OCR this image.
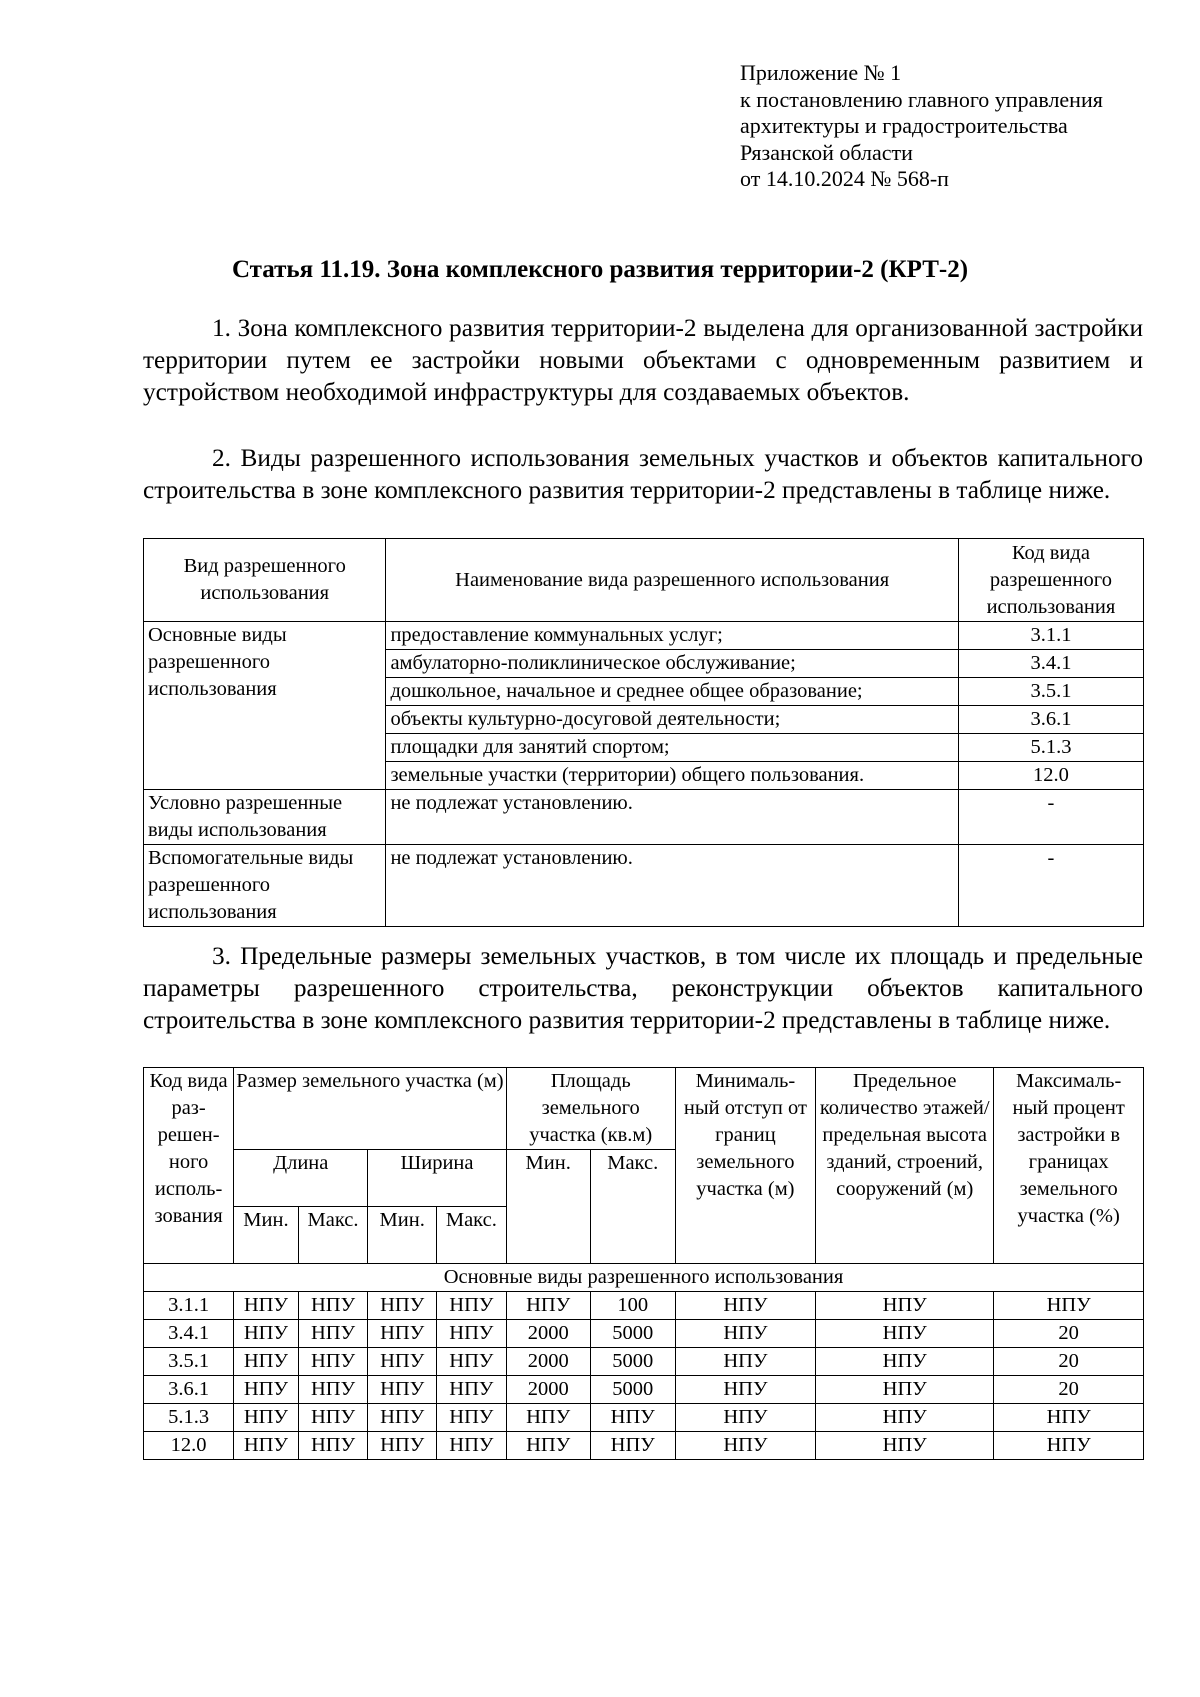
Приложение № 1
к постановлению главного управления
архитектуры и градостроительства
Рязанской области
от 14.10.2024 № 568-п
Статья 11.19. Зона комплексного развития территории-2 (КРТ-2)
1. Зона комплексного развития территории-2 выделена для организованной застройки территории путем ее застройки новыми объектами с одновременным развитием и устройством необходимой инфраструктуры для создаваемых объектов.
2. Виды разрешенного использования земельных участков и объектов капитального строительства в зоне комплексного развития территории-2 представлены в таблице ниже.
Вид разрешенного использования	Наименование вида разрешенного использования	Код вида разрешенного использования
Основные виды разрешенного использования	предоставление коммунальных услуг;	3.1.1
	амбулаторно-поликлиническое обслуживание;	3.4.1
	дошкольное, начальное и среднее общее образование;	3.5.1
	объекты культурно-досуговой деятельности;	3.6.1
	площадки для занятий спортом;	5.1.3
	земельные участки (территории) общего пользования.	12.0
Условно разрешенные виды использования	не подлежат установлению.	-
Вспомогательные виды разрешенного использования	не подлежат установлению.	-
3. Предельные размеры земельных участков, в том числе их площадь и предельные параметры разрешенного строительства, реконструкции объектов капитального строительства в зоне комплексного развития территории-2 представлены в таблице ниже.
Код вида раз- решен- ного исполь- зования	Размер земельного участка (м)				Площадь земельного участка (кв.м)		Минималь- ный отступ от границ земельного участка (м)	Предельное количество этажей/ предельная высота зданий, строений, сооружений (м)	Максималь- ный процент застройки в границах земельного участка (%)
	Длина		Ширина		Мин.	Макс.			
	Мин.	Макс.	Мин.	Макс.					
Основные виды разрешенного использования									
3.1.1	НПУ	НПУ	НПУ	НПУ	НПУ	100	НПУ	НПУ	НПУ
3.4.1	НПУ	НПУ	НПУ	НПУ	2000	5000	НПУ	НПУ	20
3.5.1	НПУ	НПУ	НПУ	НПУ	2000	5000	НПУ	НПУ	20
3.6.1	НПУ	НПУ	НПУ	НПУ	2000	5000	НПУ	НПУ	20
5.1.3	НПУ	НПУ	НПУ	НПУ	НПУ	НПУ	НПУ	НПУ	НПУ
12.0	НПУ	НПУ	НПУ	НПУ	НПУ	НПУ	НПУ	НПУ	НПУ
